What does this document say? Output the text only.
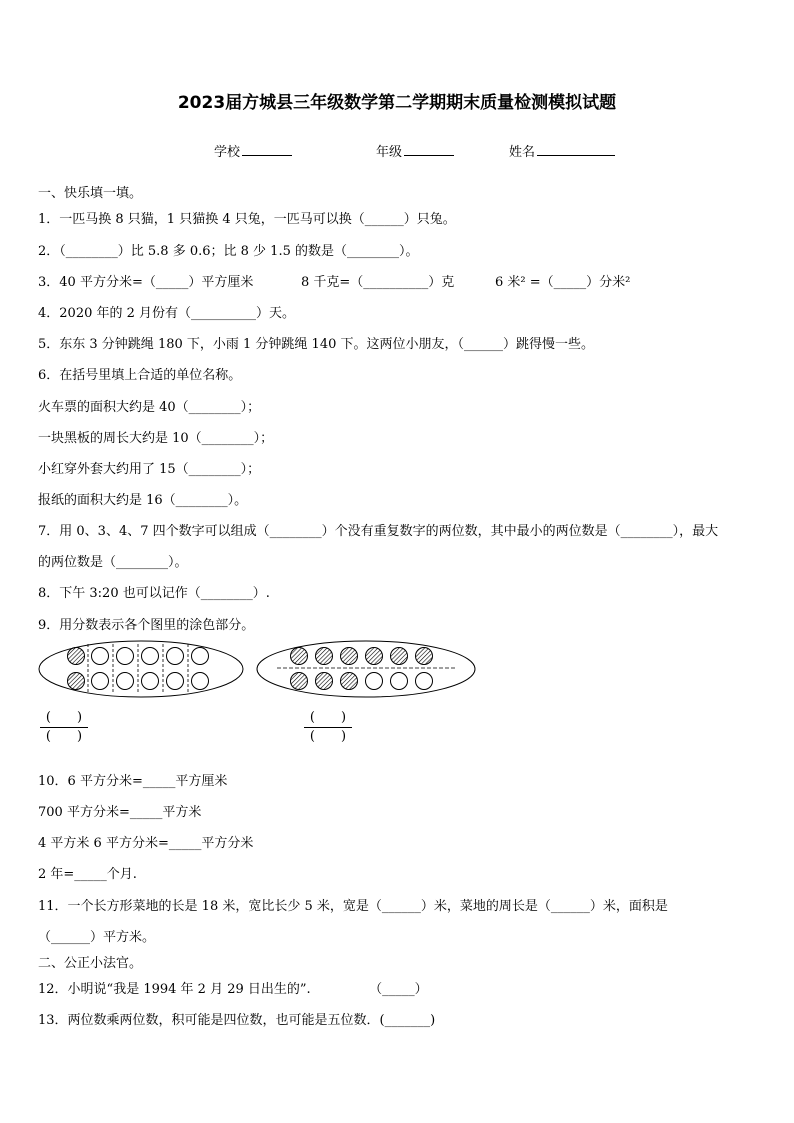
2023届方城县三年级数学第二学期期末质量检测模拟试题
学校	年级	姓名
一、快乐填一填。
1．一匹马换 8 只猫，1 只猫换 4 只兔，一匹马可以换（______）只兔。
2．（________）比 5.8 多 0.6；比 8 少 1.5 的数是（________）。
3．40 平方分米=（_____）平方厘米	8 千克=（__________）克	6 米² =（_____）分米²
4．2020 年的 2 月份有（__________）天。
5．东东 3 分钟跳绳 180 下，小雨 1 分钟跳绳 140 下。这两位小朋友，（______）跳得慢一些。
6．在括号里填上合适的单位名称。
火车票的面积大约是 40（________）；
一块黑板的周长大约是 10（________）；
小红穿外套大约用了 15（________）；
报纸的面积大约是 16（________）。
7．用 0、3、4、7 四个数字可以组成（________）个没有重复数字的两位数，其中最小的两位数是（________），最大
的两位数是（________）。
8．下午 3:20 也可以记作（________）.
9．用分数表示各个图里的涂色部分。
(　　)
(　　)
(　　)
(　　)
10．6 平方分米=_____平方厘米
700 平方分米=_____平方米
4 平方米 6 平方分米=_____平方分米
2 年=_____个月.
11．一个长方形菜地的长是 18 米，宽比长少 5 米，宽是（______）米，菜地的周长是（______）米，面积是
（______）平方米。
二、公正小法官。
12．小明说“我是 1994 年 2 月 29 日出生的”.　　　　　（_____）
13．两位数乘两位数，积可能是四位数，也可能是五位数．(_______)
